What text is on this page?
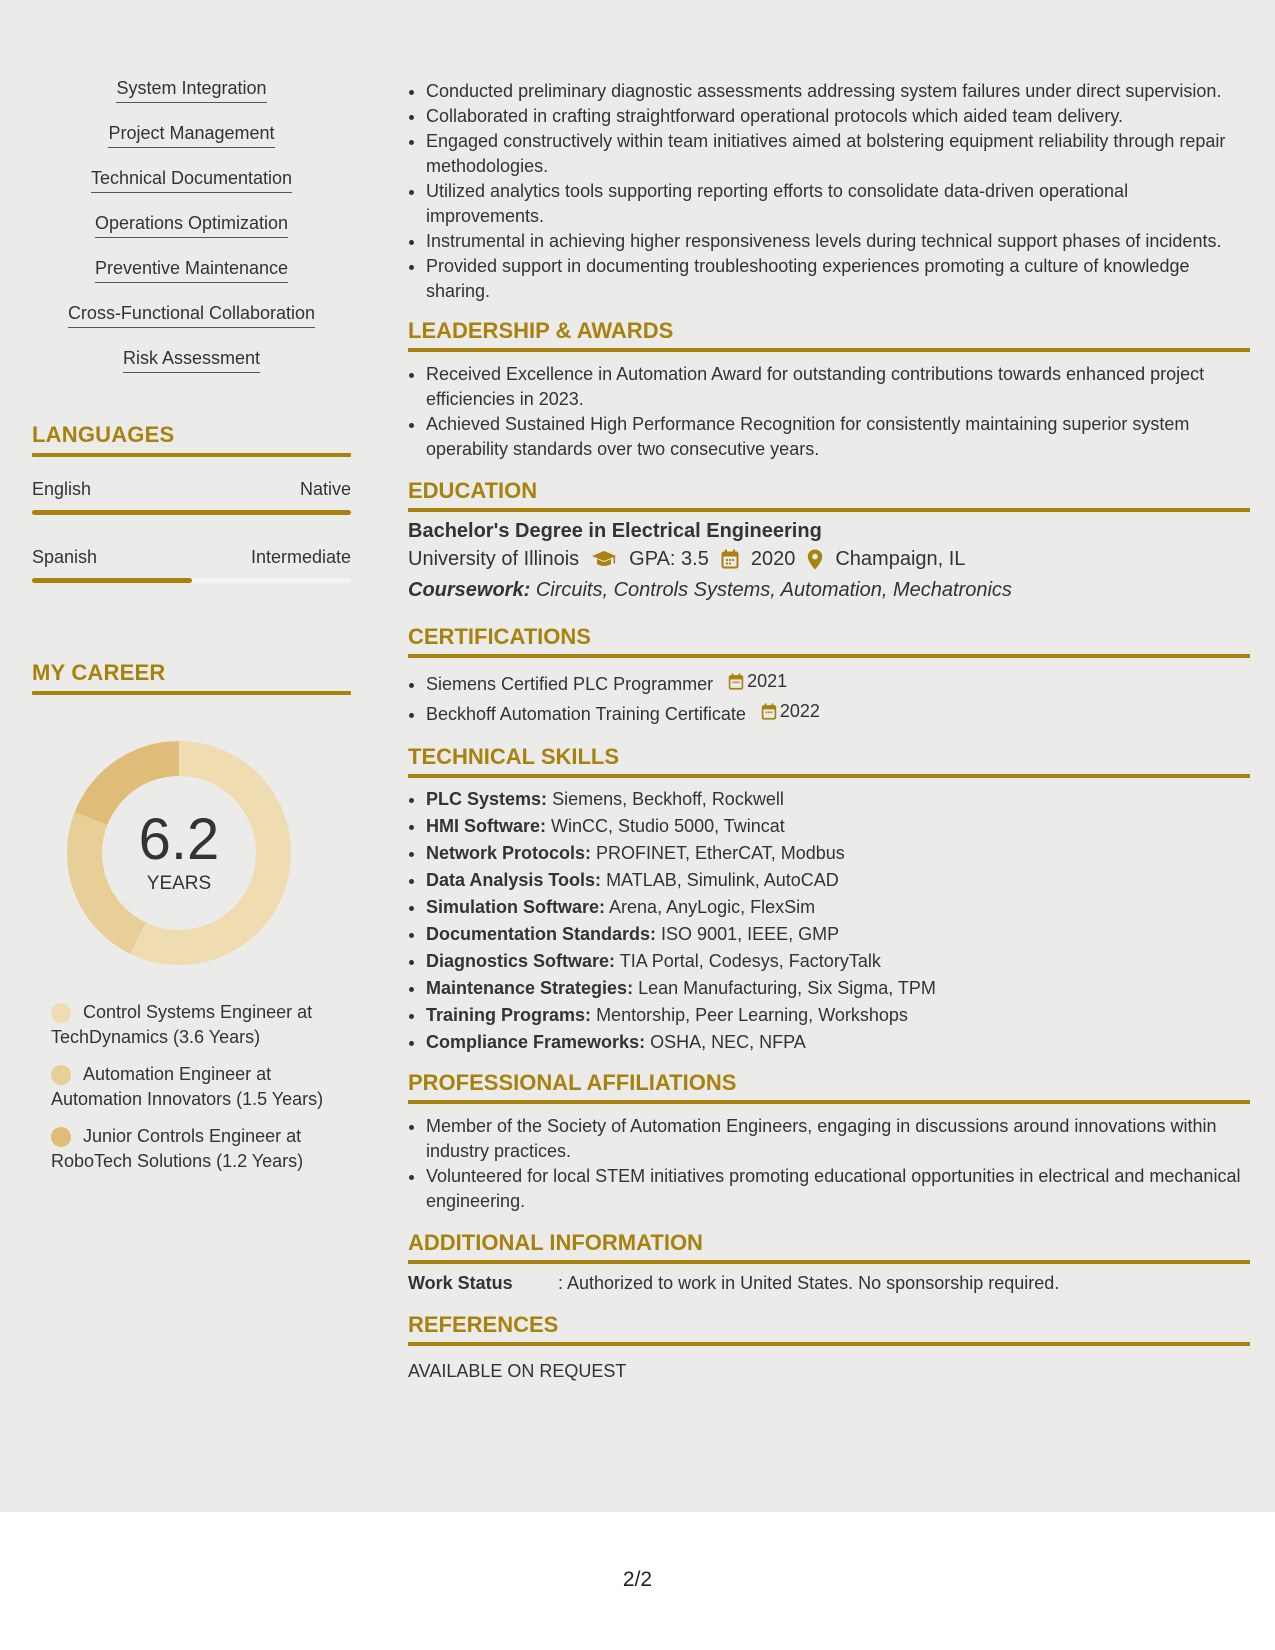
System Integration
Project Management
Technical Documentation
Operations Optimization
Preventive Maintenance
Cross-Functional Collaboration
Risk Assessment
LANGUAGES
English	Native
Spanish	Intermediate
MY CAREER
6.2
YEARS
Control Systems Engineer at TechDynamics (3.6 Years)
Automation Engineer at Automation Innovators (1.5 Years)
Junior Controls Engineer at RoboTech Solutions (1.2 Years)
• Conducted preliminary diagnostic assessments addressing system failures under direct supervision.
• Collaborated in crafting straightforward operational protocols which aided team delivery.
• Engaged constructively within team initiatives aimed at bolstering equipment reliability through repair methodologies.
• Utilized analytics tools supporting reporting efforts to consolidate data-driven operational improvements.
• Instrumental in achieving higher responsiveness levels during technical support phases of incidents.
• Provided support in documenting troubleshooting experiences promoting a culture of knowledge sharing.
LEADERSHIP & AWARDS
• Received Excellence in Automation Award for outstanding contributions towards enhanced project efficiencies in 2023.
• Achieved Sustained High Performance Recognition for consistently maintaining superior system operability standards over two consecutive years.
EDUCATION
Bachelor's Degree in Electrical Engineering
University of Illinois	GPA: 3.5 2020 Champaign, IL
Coursework: Circuits, Controls Systems, Automation, Mechatronics
CERTIFICATIONS
• Siemens Certified PLC Programmer 2021
• Beckhoff Automation Training Certificate 2022
TECHNICAL SKILLS
• PLC Systems: Siemens, Beckhoff, Rockwell
• HMI Software: WinCC, Studio 5000, Twincat
• Network Protocols: PROFINET, EtherCAT, Modbus
• Data Analysis Tools: MATLAB, Simulink, AutoCAD
• Simulation Software: Arena, AnyLogic, FlexSim
• Documentation Standards: ISO 9001, IEEE, GMP
• Diagnostics Software: TIA Portal, Codesys, FactoryTalk
• Maintenance Strategies: Lean Manufacturing, Six Sigma, TPM
• Training Programs: Mentorship, Peer Learning, Workshops
• Compliance Frameworks: OSHA, NEC, NFPA
PROFESSIONAL AFFILIATIONS
• Member of the Society of Automation Engineers, engaging in discussions around innovations within industry practices.
• Volunteered for local STEM initiatives promoting educational opportunities in electrical and mechanical engineering.
ADDITIONAL INFORMATION
Work Status	: Authorized to work in United States. No sponsorship required.
REFERENCES
AVAILABLE ON REQUEST
2/2
